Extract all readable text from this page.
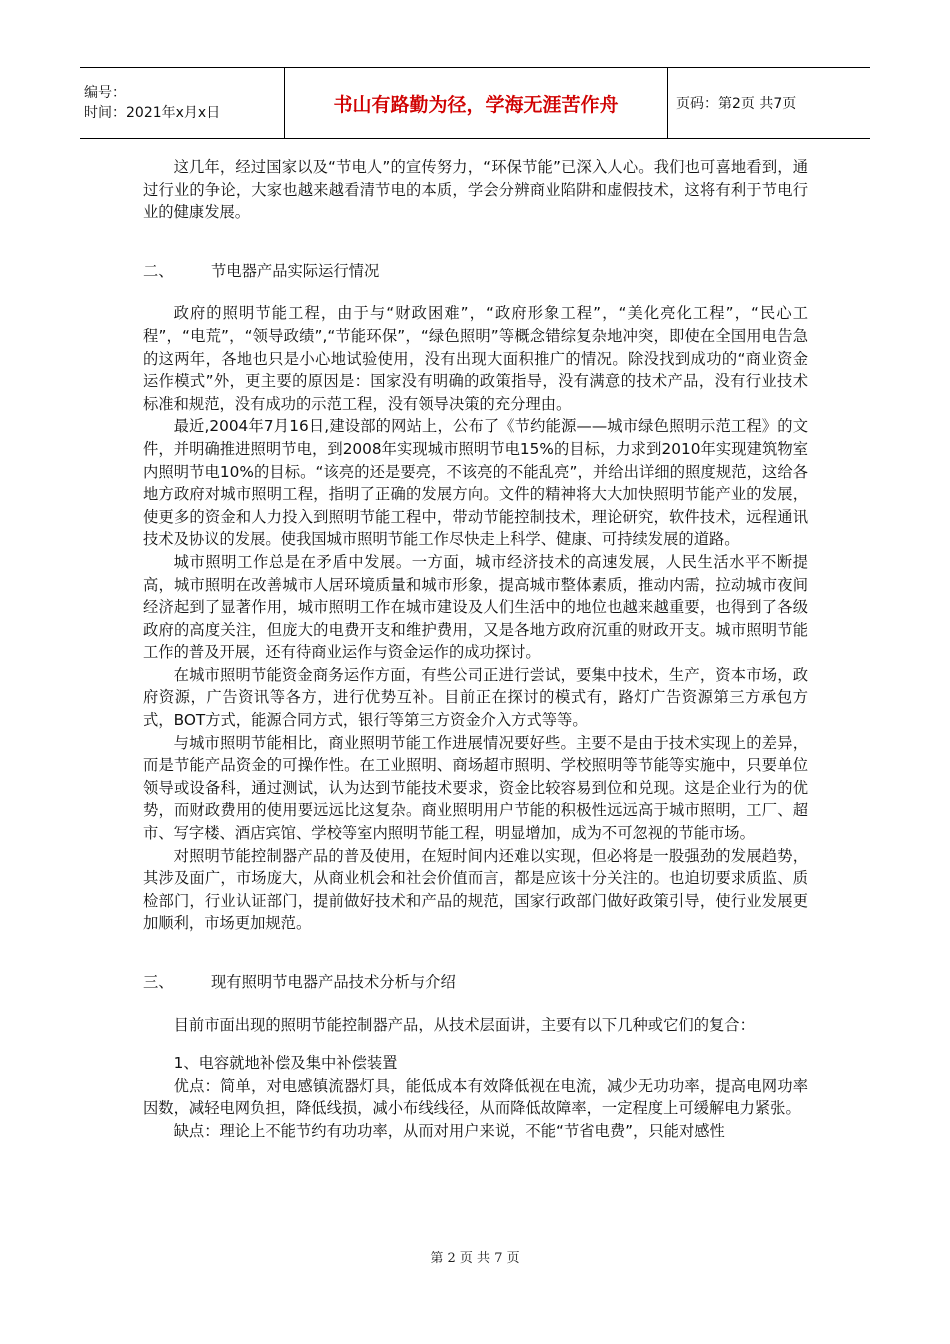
编号：
时间：2021年x月x日	书山有路勤为径，学海无涯苦作舟	页码：第2页 共7页

这几年，经过国家以及“节电人”的宣传努力，“环保节能”已深入人心。我们也可喜地看到，通过行业的争论，大家也越来越看清节电的本质，学会分辨商业陷阱和虚假技术，这将有利于节电行业的健康发展。

二、	节电器产品实际运行情况

政府的照明节能工程，由于与“财政困难”，“政府形象工程”，“美化亮化工程”，“民心工程”，“电荒”，“领导政绩”,“节能环保”，“绿色照明”等概念错综复杂地冲突，即使在全国用电告急的这两年，各地也只是小心地试验使用，没有出现大面积推广的情况。除没找到成功的“商业资金运作模式”外，更主要的原因是：国家没有明确的政策指导，没有满意的技术产品，没有行业技术标准和规范，没有成功的示范工程，没有领导决策的充分理由。

最近,2004年7月16日,建设部的网站上，公布了《节约能源——城市绿色照明示范工程》的文件，并明确推进照明节电，到2008年实现城市照明节电15%的目标，力求到2010年实现建筑物室内照明节电10%的目标。“该亮的还是要亮，不该亮的不能乱亮”，并给出详细的照度规范，这给各地方政府对城市照明工程，指明了正确的发展方向。文件的精神将大大加快照明节能产业的发展，使更多的资金和人力投入到照明节能工程中，带动节能控制技术，理论研究，软件技术，远程通讯技术及协议的发展。使我国城市照明节能工作尽快走上科学、健康、可持续发展的道路。

城市照明工作总是在矛盾中发展。一方面，城市经济技术的高速发展，人民生活水平不断提高，城市照明在改善城市人居环境质量和城市形象，提高城市整体素质，推动内需，拉动城市夜间经济起到了显著作用，城市照明工作在城市建设及人们生活中的地位也越来越重要，也得到了各级政府的高度关注，但庞大的电费开支和维护费用，又是各地方政府沉重的财政开支。城市照明节能工作的普及开展，还有待商业运作与资金运作的成功探讨。

在城市照明节能资金商务运作方面，有些公司正进行尝试，要集中技术，生产，资本市场，政府资源，广告资讯等各方，进行优势互补。目前正在探讨的模式有，路灯广告资源第三方承包方式，BOT方式，能源合同方式，银行等第三方资金介入方式等等。

与城市照明节能相比，商业照明节能工作进展情况要好些。主要不是由于技术实现上的差异，而是节能产品资金的可操作性。在工业照明、商场超市照明、学校照明等节能等实施中，只要单位领导或设备科，通过测试，认为达到节能技术要求，资金比较容易到位和兑现。这是企业行为的优势，而财政费用的使用要远远比这复杂。商业照明用户节能的积极性远远高于城市照明，工厂、超市、写字楼、酒店宾馆、学校等室内照明节能工程，明显增加，成为不可忽视的节能市场。

对照明节能控制器产品的普及使用，在短时间内还难以实现，但必将是一股强劲的发展趋势，其涉及面广，市场庞大，从商业机会和社会价值而言，都是应该十分关注的。也迫切要求质监、质检部门，行业认证部门，提前做好技术和产品的规范，国家行政部门做好政策引导，使行业发展更加顺利，市场更加规范。

三、	现有照明节电器产品技术分析与介绍

目前市面出现的照明节能控制器产品，从技术层面讲，主要有以下几种或它们的复合：

1、电容就地补偿及集中补偿装置

优点：简单，对电感镇流器灯具，能低成本有效降低视在电流，减少无功功率，提高电网功率因数，减轻电网负担，降低线损，减小布线线径，从而降低故障率，一定程度上可缓解电力紧张。

缺点：理论上不能节约有功功率，从而对用户来说，不能“节省电费”，只能对感性

第 2 页 共 7 页
